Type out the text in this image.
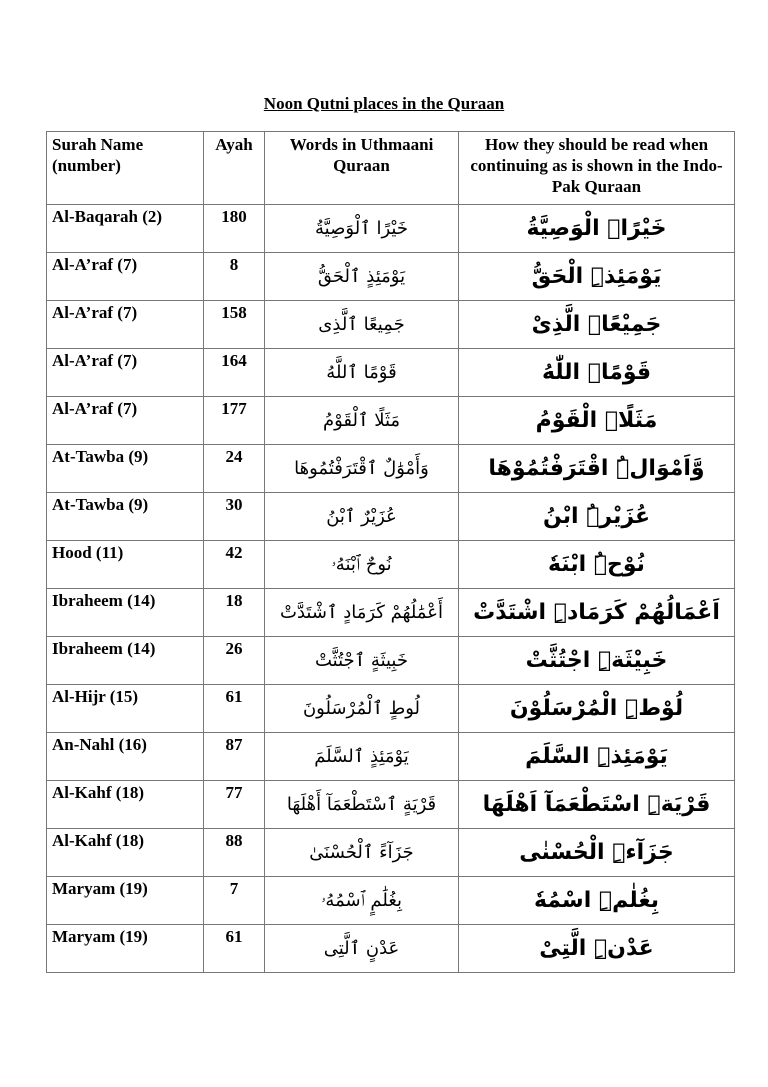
Noon Qutni places in the Quraan
Surah Name (number)	Ayah	Words in Uthmaani Quraan	How they should be read when continuing as is shown in the Indo-Pak Quraan
Al-Baqarah (2)	180	خَيْرًا ٱلْوَصِيَّةُ	خَيْرًاۨ الْوَصِيَّةُ
Al-A’raf (7)	8	يَوْمَئِذٍ ٱلْحَقُّ	يَوْمَئِذِۨ الْحَقُّ
Al-A’raf (7)	158	جَمِيعًا ٱلَّذِى	جَمِيْعًاۨ الَّذِىْ
Al-A’raf (7)	164	قَوْمًا ٱللَّهُ	قَوْمًاۨ اللّٰهُ
Al-A’raf (7)	177	مَثَلًا ٱلْقَوْمُ	مَثَلًاۨ الْقَوْمُ
At-Tawba (9)	24	وَأَمْوَٰلٌ ٱقْتَرَفْتُمُوهَا	وَّاَمْوَالُۨ اقْتَرَفْتُمُوْهَا
At-Tawba (9)	30	عُزَيْرٌ ٱبْنُ	عُزَيْرُۨ ابْنُ
Hood (11)	42	نُوحٌ ٱبْنَهُۥ	نُوْحُۨ ابْنَهٗ
Ibraheem (14)	18	أَعْمَٰلُهُمْ كَرَمَادٍ ٱشْتَدَّتْ	اَعْمَالُهُمْ كَرَمَادِۨ اشْتَدَّتْ
Ibraheem (14)	26	خَبِيثَةٍ ٱجْتُثَّتْ	خَبِيْثَةِۨ اجْتُثَّتْ
Al-Hijr (15)	61	لُوطٍ ٱلْمُرْسَلُونَ	لُوْطِۨ الْمُرْسَلُوْنَ
An-Nahl (16)	87	يَوْمَئِذٍ ٱلسَّلَمَ	يَوْمَئِذِۨ السَّلَمَ
Al-Kahf (18)	77	قَرْيَةٍ ٱسْتَطْعَمَآ أَهْلَهَا	قَرْيَةِۨ اسْتَطْعَمَآ اَهْلَهَا
Al-Kahf (18)	88	جَزَآءً ٱلْحُسْنَىٰ	جَزَآءِۨ الْحُسْنٰى
Maryam (19)	7	بِغُلَٰمٍ ٱسْمُهُۥ	بِغُلٰمِۨ اسْمُهٗ
Maryam (19)	61	عَدْنٍ ٱلَّتِى	عَدْنِۨ الَّتِىْ
